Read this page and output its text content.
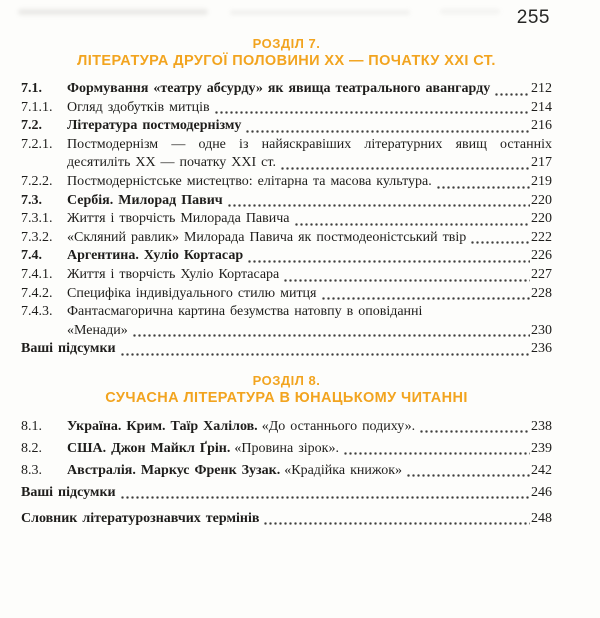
255
РОЗДІЛ 7.
ЛІТЕРАТУРА ДРУГОЇ ПОЛОВИНИ ХХ — ПОЧАТКУ ХХІ СТ.
7.1.	Формування «театру абсурду» як явища театрального авангарду	212
7.1.1.	Огляд здобутків митців	214
7.2.	Література постмодернізму	216
7.2.1.	Постмодернізм — одне із найяскравіших літературних явищ останніх
десятиліть XX — початку XXI ст.	217
7.2.2.	Постмодерністське мистецтво: елітарна та масова культура.	219
7.3.	Сербія. Милорад Павич	220
7.3.1.	Життя і творчість Милорада Павича	220
7.3.2.	«Скляний равлик» Милорада Павича як постмодеоністський твір	222
7.4.	Аргентина. Хуліо Кортасар	226
7.4.1.	Життя і творчість Хуліо Кортасара	227
7.4.2.	Специфіка індивідуального стилю митця	228
7.4.3.	Фантасмагорична картина безумства натовпу в оповіданні
«Менади»	230
Ваші підсумки	236
РОЗДІЛ 8.
СУЧАСНА ЛІТЕРАТУРА В ЮНАЦЬКОМУ ЧИТАННІ
8.1.	Україна. Крим. Таїр Халілов. «До останнього подиху».	238
8.2.	США. Джон Майкл Ґрін. «Провина зірок».	239
8.3.	Австралія. Маркус Френк Зузак. «Крадійка книжок»	242
Ваші підсумки	246
Словник літературознавчих термінів	248
